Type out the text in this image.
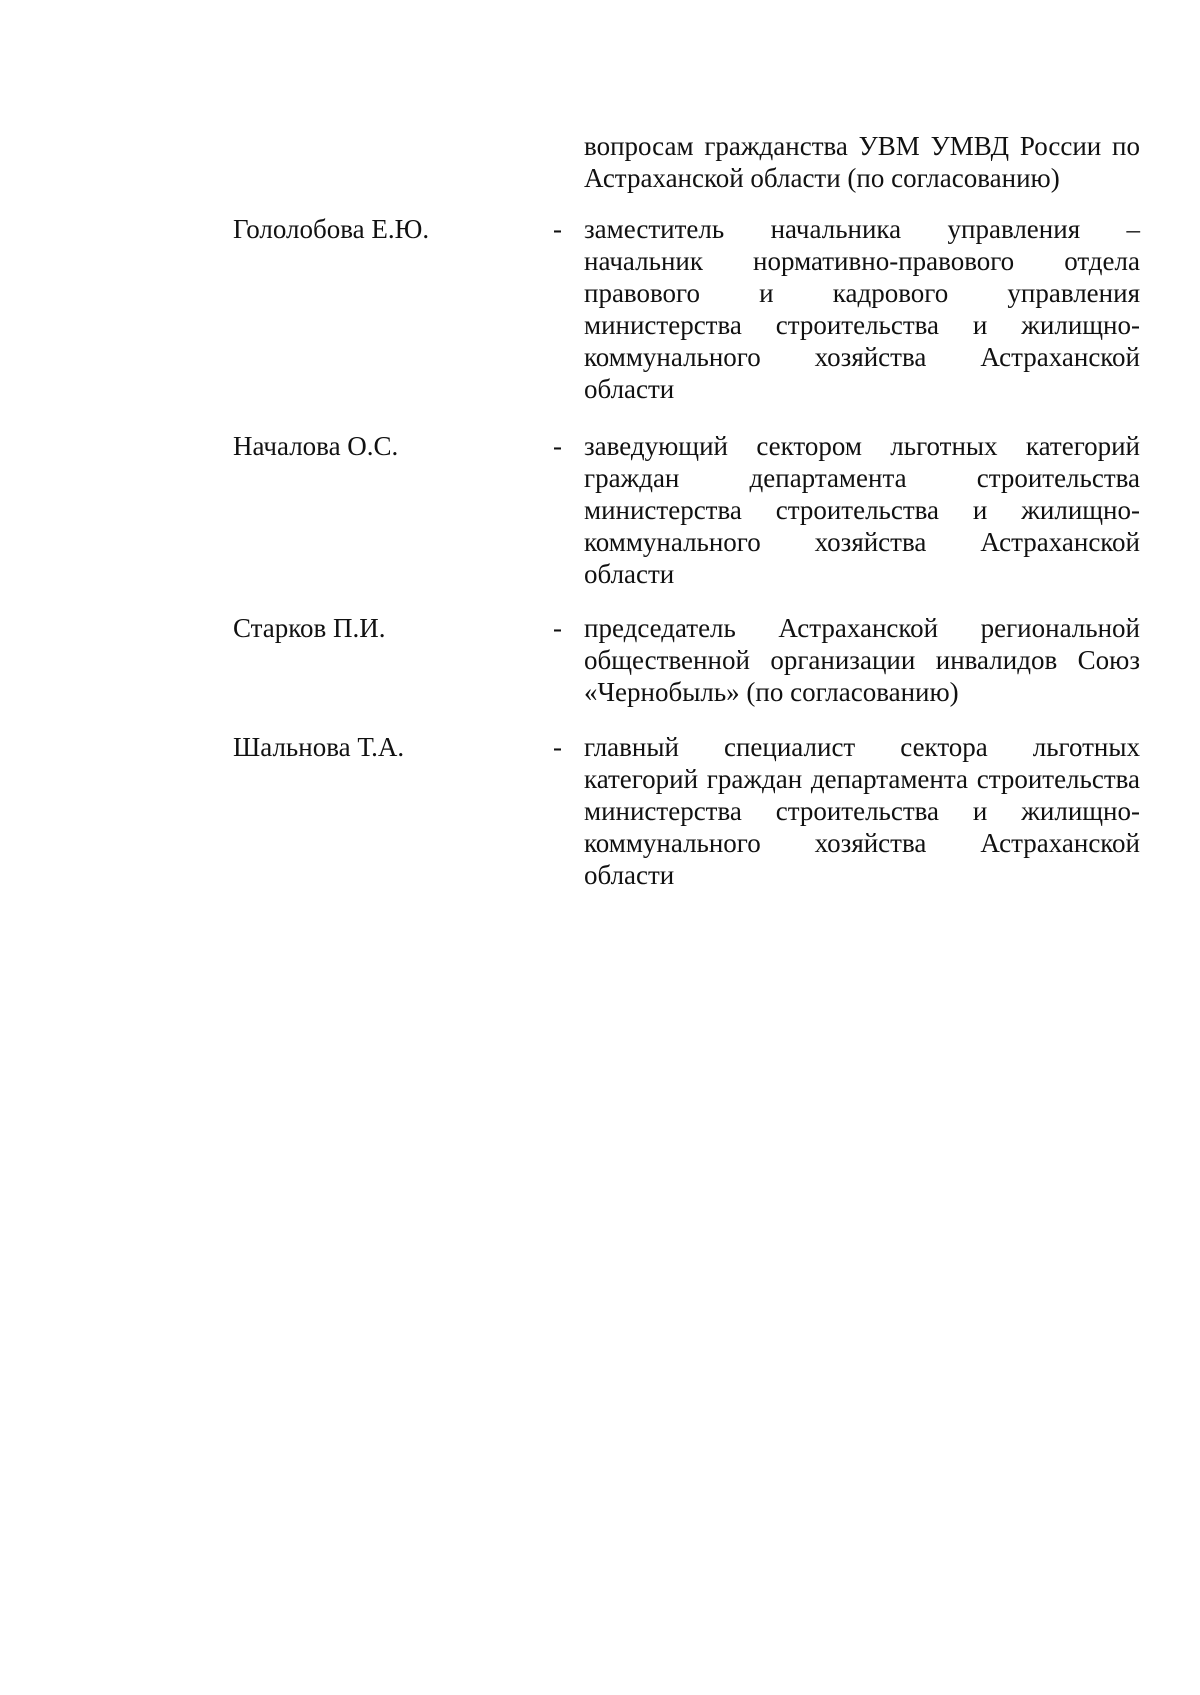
вопросам гражданства УВМ УМВД России по Астраханской области (по согласованию)
Гололобова Е.Ю.	- заместитель начальника управления – начальник нормативно-правового отдела правового и кадрового управления министерства строительства и жилищно-коммунального хозяйства Астраханской области
Началова О.С.	- заведующий сектором льготных категорий граждан департамента строительства министерства строительства и жилищно-коммунального хозяйства Астраханской области
Старков П.И.	- председатель Астраханской региональной общественной организации инвалидов Союз «Чернобыль» (по согласованию)
Шальнова Т.А.	- главный специалист сектора льготных категорий граждан департамента строительства министерства строительства и жилищно-коммунального хозяйства Астраханской области
